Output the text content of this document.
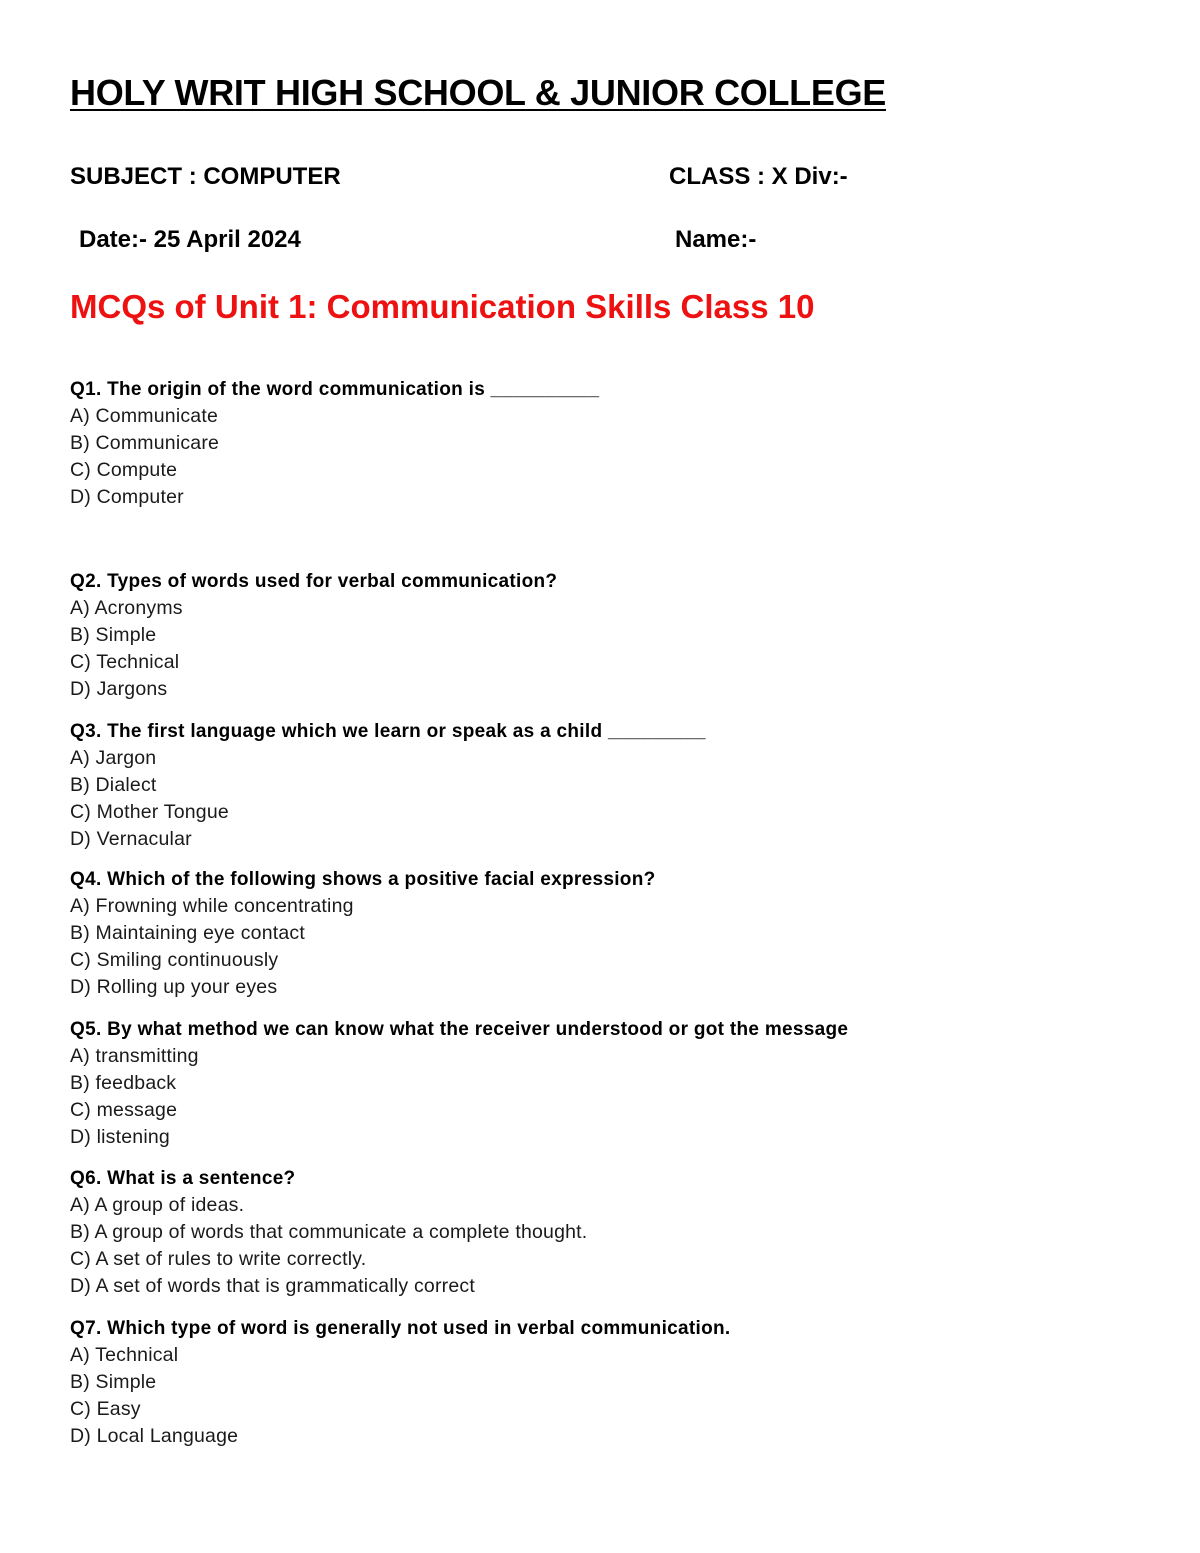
HOLY WRIT HIGH SCHOOL & JUNIOR COLLEGE
SUBJECT : COMPUTER	CLASS : X Div:-
Date:- 25 April 2024	Name:-
MCQs of Unit 1: Communication Skills Class 10
Q1. The origin of the word communication is __________
A) Communicate
B) Communicare
C) Compute
D) Computer
Q2. Types of words used for verbal communication?
A) Acronyms
B) Simple
C) Technical
D) Jargons
Q3. The first language which we learn or speak as a child _________
A) Jargon
B) Dialect
C) Mother Tongue
D) Vernacular
Q4. Which of the following shows a positive facial expression?
A) Frowning while concentrating
B) Maintaining eye contact
C) Smiling continuously
D) Rolling up your eyes
Q5. By what method we can know what the receiver understood or got the message
A) transmitting
B) feedback
C) message
D) listening
Q6. What is a sentence?
A) A group of ideas.
B) A group of words that communicate a complete thought.
C) A set of rules to write correctly.
D) A set of words that is grammatically correct
Q7. Which type of word is generally not used in verbal communication.
A) Technical
B) Simple
C) Easy
D) Local Language
